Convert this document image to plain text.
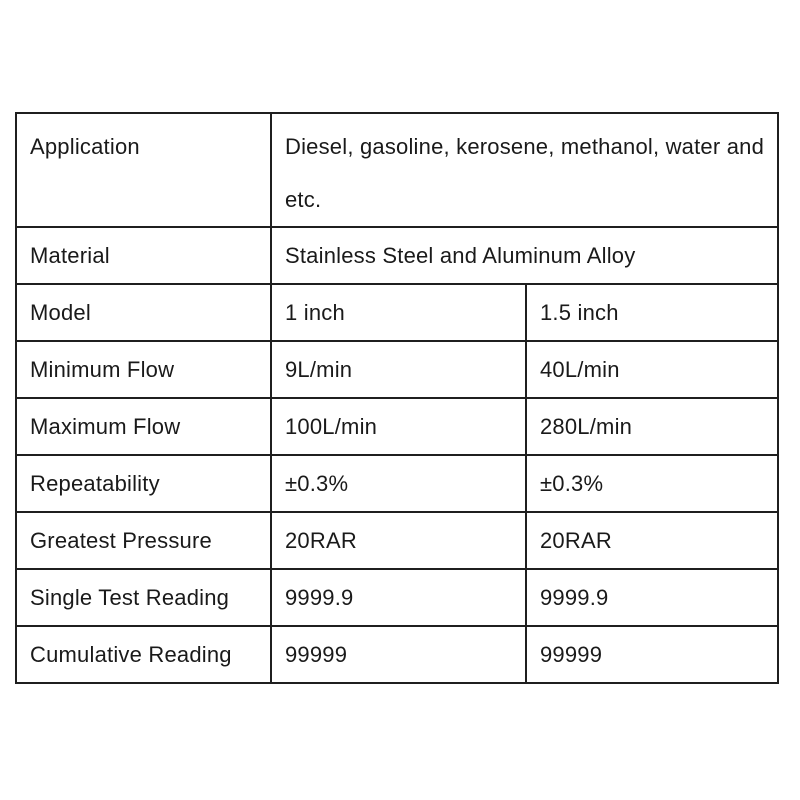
Application	Diesel, gasoline, kerosene, methanol, water and etc.	
Material	Stainless Steel and Aluminum Alloy	
Model	1 inch	1.5 inch
Minimum Flow	9L/min	40L/min
Maximum Flow	100L/min	280L/min
Repeatability	±0.3%	±0.3%
Greatest Pressure	20RAR	20RAR
Single Test Reading	9999.9	9999.9
Cumulative Reading	99999	99999
